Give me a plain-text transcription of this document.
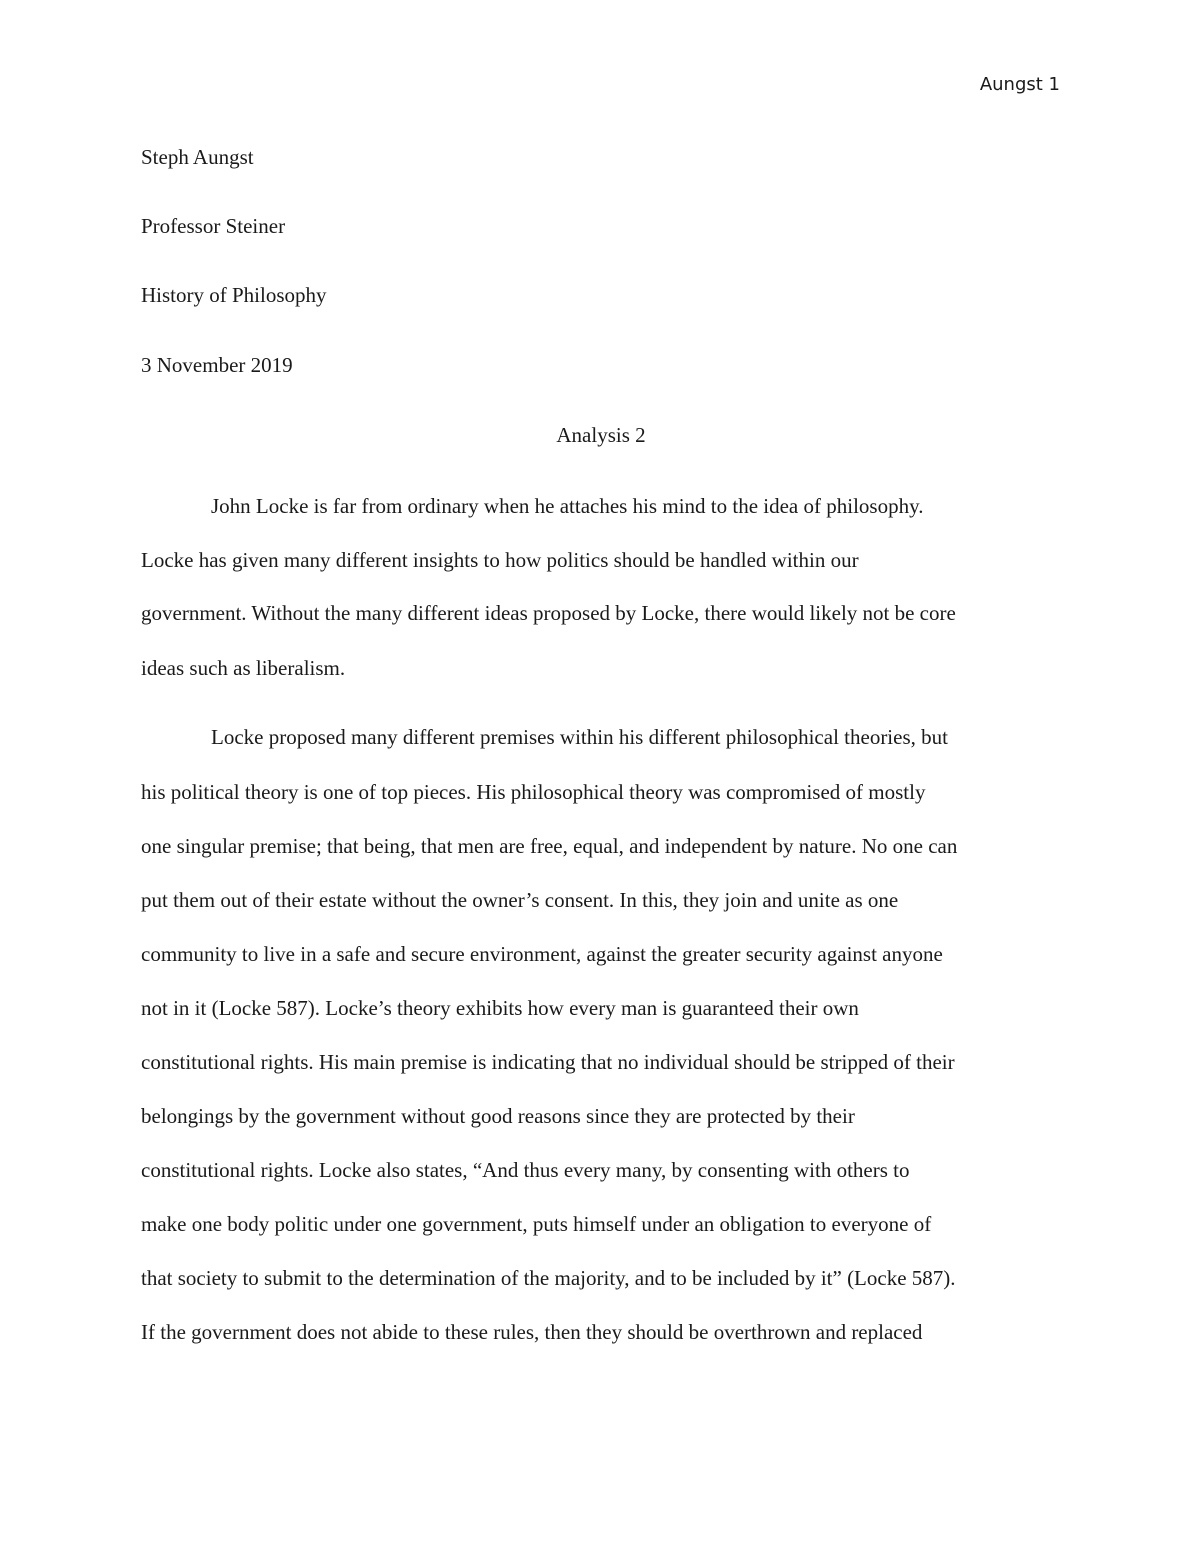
Aungst 1
Steph Aungst
Professor Steiner
History of Philosophy
3 November 2019
Analysis 2
John Locke is far from ordinary when he attaches his mind to the idea of philosophy.
Locke has given many different insights to how politics should be handled within our
government. Without the many different ideas proposed by Locke, there would likely not be core
ideas such as liberalism.
Locke proposed many different premises within his different philosophical theories, but
his political theory is one of top pieces. His philosophical theory was compromised of mostly
one singular premise; that being, that men are free, equal, and independent by nature. No one can
put them out of their estate without the owner’s consent. In this, they join and unite as one
community to live in a safe and secure environment, against the greater security against anyone
not in it (Locke 587). Locke’s theory exhibits how every man is guaranteed their own
constitutional rights. His main premise is indicating that no individual should be stripped of their
belongings by the government without good reasons since they are protected by their
constitutional rights. Locke also states, “And thus every many, by consenting with others to
make one body politic under one government, puts himself under an obligation to everyone of
that society to submit to the determination of the majority, and to be included by it” (Locke 587).
If the government does not abide to these rules, then they should be overthrown and replaced
